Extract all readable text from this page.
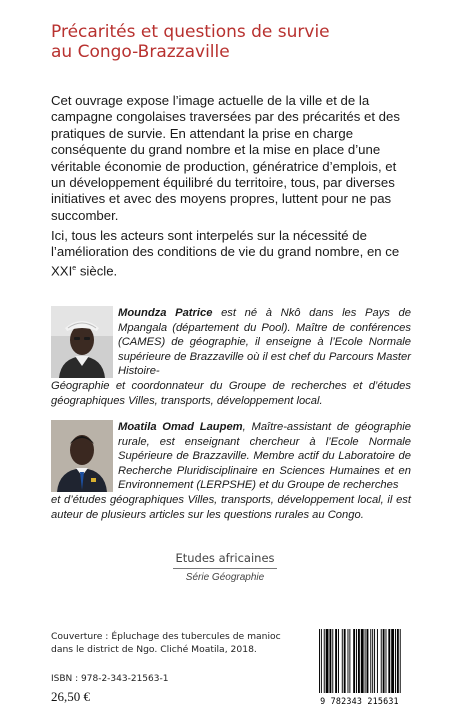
Précarités et questions de survie
au Congo-Brazzaville

Cet ouvrage expose l’image actuelle de la ville et de la campagne congolaises traversées par des précarités et des pratiques de survie. En attendant la prise en charge conséquente du grand nombre et la mise en place d’une véritable économie de production, génératrice d’emplois, et un développement équilibré du territoire, tous, par diverses initiatives et avec des moyens propres, luttent pour ne pas succomber.

Ici, tous les acteurs sont interpelés sur la nécessité de l’amélioration des conditions de vie du grand nombre, en ce XXIe siècle.

Moundza Patrice est né à Nkô dans les Pays de Mpangala (département du Pool). Maître de conférences (CAMES) de géographie, il enseigne à l’Ecole Normale supérieure de Brazzaville où il est chef du Parcours Master Histoire-
Géographie et coordonnateur du Groupe de recherches et d’études géographiques Villes, transports, développement local.

Moatila Omad Laupem, Maître-assistant de géographie rurale, est enseignant chercheur à l’Ecole Normale Supérieure de Brazzaville. Membre actif du Laboratoire de Recherche Pluridisciplinaire en Sciences Humaines et en Environnement (LERPSHE) et du Groupe de recherches
et d’études géographiques Villes, transports, développement local, il est auteur de plusieurs articles sur les questions rurales au Congo.

Etudes africaines
Série Géographie
Couverture : Épluchage des tubercules de manioc
dans le district de Ngo. Cliché Moatila, 2018.
ISBN : 978-2-343-21563-1
26,50 €	9 782343 215631
